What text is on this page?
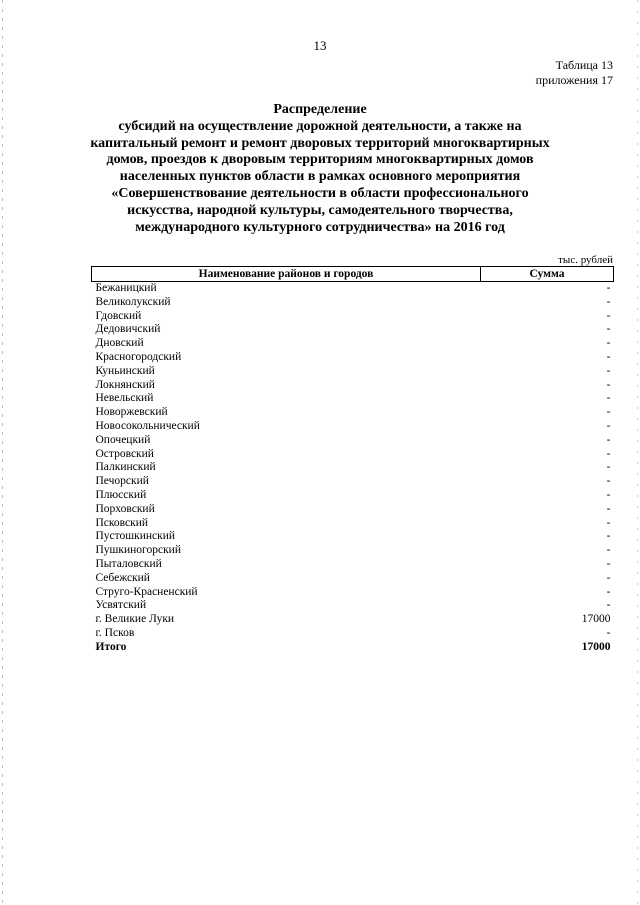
13
Таблица 13
приложения 17
Распределение
субсидий на осуществление дорожной деятельности, а также на
капитальный ремонт и ремонт дворовых территорий многоквартирных
домов, проездов к дворовым территориям многоквартирных домов
населенных пунктов области в рамках основного мероприятия
«Совершенствование деятельности в области профессионального
искусства, народной культуры, самодеятельного творчества,
международного культурного сотрудничества» на 2016 год
тыс. рублей
Наименование районов и городов	Сумма
Бежаницкий	-
Великолукский	-
Гдовский	-
Дедовичский	-
Дновский	-
Красногородский	-
Куньинский	-
Локнянский	-
Невельский	-
Новоржевский	-
Новосокольнический	-
Опочецкий	-
Островский	-
Палкинский	-
Печорский	-
Плюсский	-
Порховский	-
Псковский	-
Пустошкинский	-
Пушкиногорский	-
Пыталовский	-
Себежский	-
Струго-Красненский	-
Усвятский	-
г. Великие Луки	17000
г. Псков	-
Итого	17000
